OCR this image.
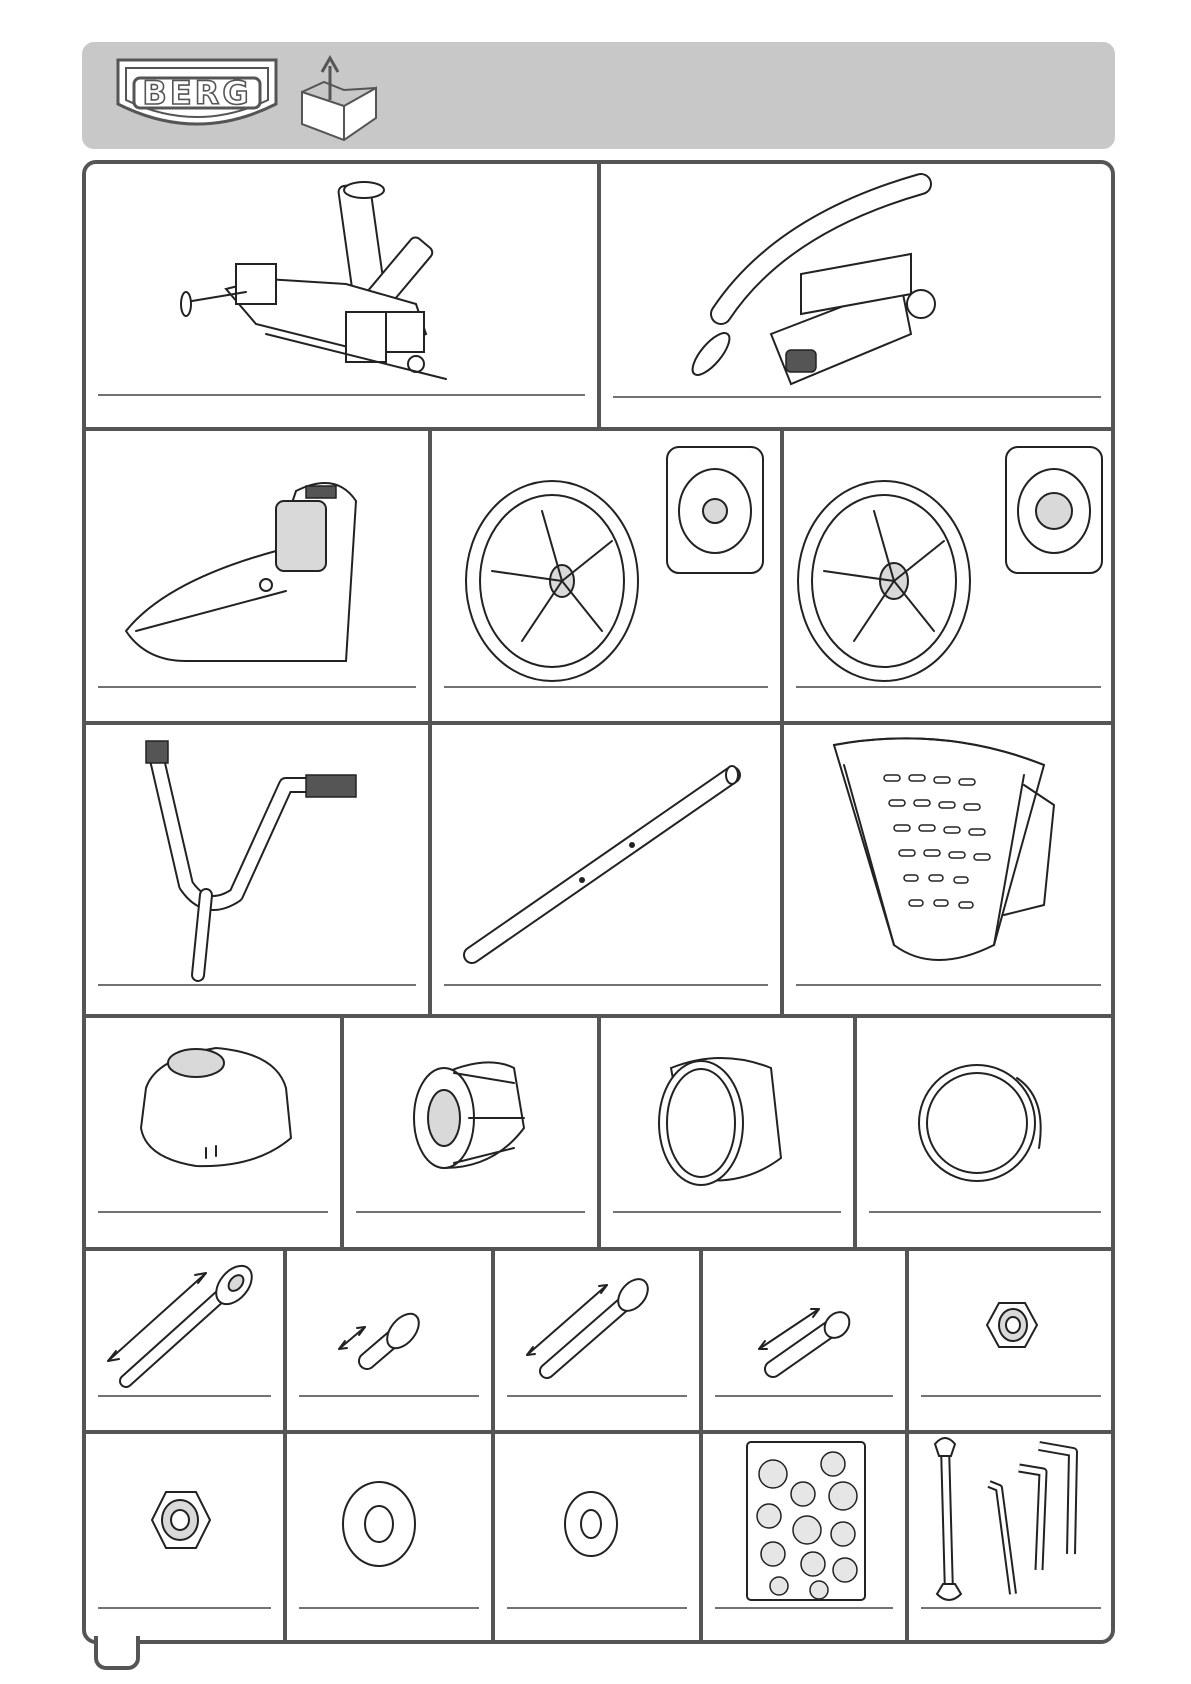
BERG
